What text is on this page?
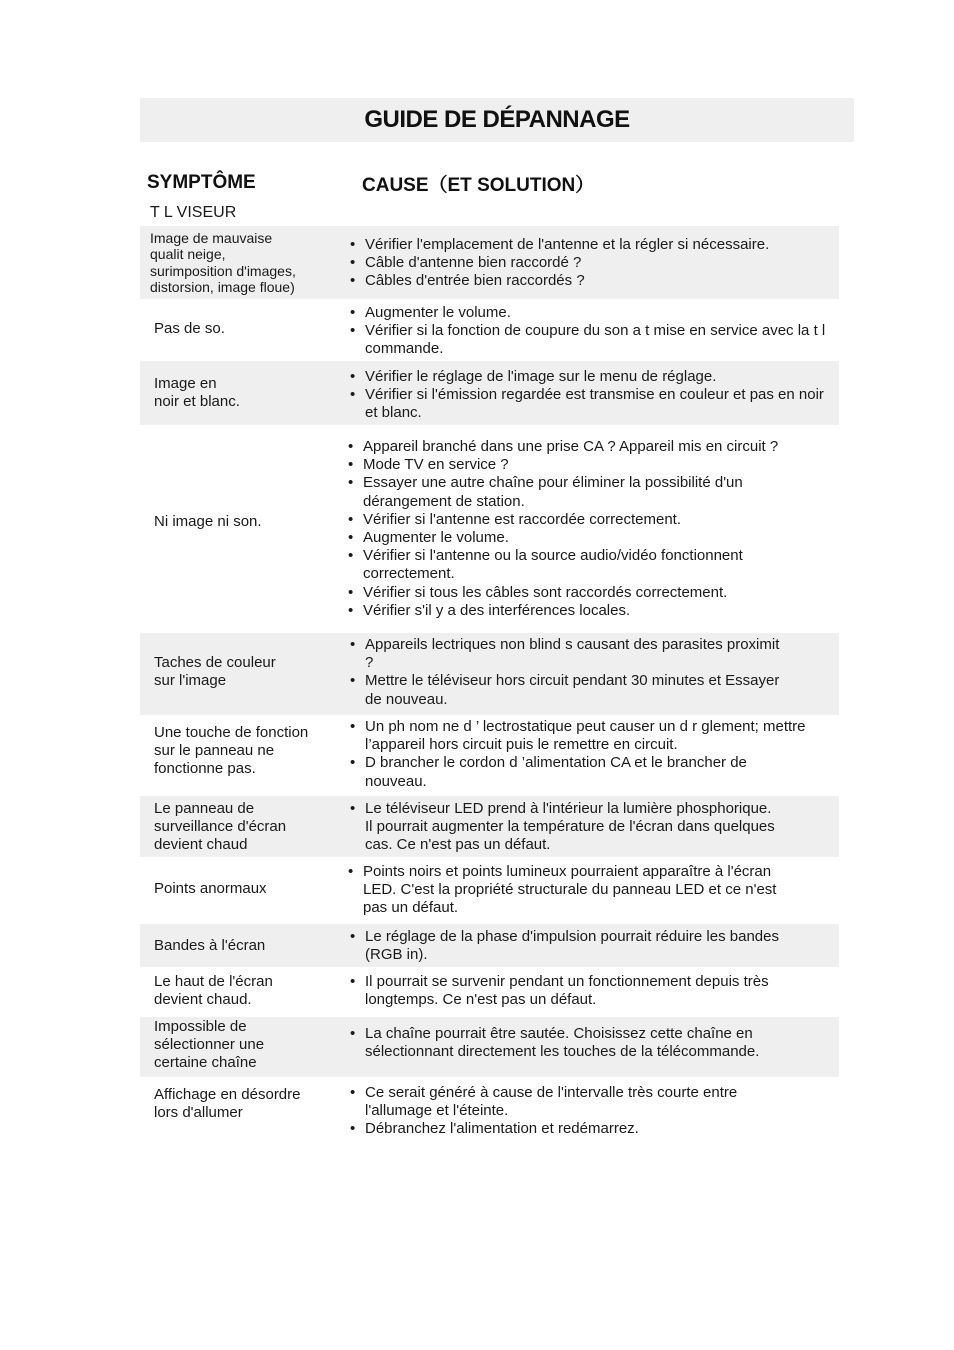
GUIDE DE DÉPANNAGE
SYMPTÔME	CAUSE（ET SOLUTION）
T L VISEUR
Image de mauvaise
qualit neige,
surimposition d'images,
distorsion, image floue)
• Vérifier l'emplacement de l'antenne et la régler si nécessaire.
• Câble d'antenne bien raccordé ?
• Câbles d'entrée bien raccordés ?
Pas de so.
• Augmenter le volume.
• Vérifier si la fonction de coupure du son a t mise en service avec la t l commande.
Image en
noir et blanc.
• Vérifier le réglage de l'image sur le menu de réglage.
• Vérifier si l'émission regardée est transmise en couleur et pas en noir et blanc.
Ni image ni son.
• Appareil branché dans une prise CA ? Appareil mis en circuit ?
• Mode TV en service ?
• Essayer une autre chaîne pour éliminer la possibilité d'un dérangement de station.
• Vérifier si l'antenne est raccordée correctement.
• Augmenter le volume.
• Vérifier si l'antenne ou la source audio/vidéo fonctionnent correctement.
• Vérifier si tous les câbles sont raccordés correctement.
• Vérifier s'il y a des interférences locales.
Taches de couleur
sur l'image
• Appareils lectriques non blind s causant des parasites proximit ?
• Mettre le téléviseur hors circuit pendant 30 minutes et Essayer de nouveau.
Une touche de fonction
sur le panneau ne
fonctionne pas.
• Un ph nom ne d ’ lectrostatique peut causer un d r glement; mettre l’appareil hors circuit puis le remettre en circuit.
• D brancher le cordon d ’alimentation CA et le brancher de nouveau.
Le panneau de
surveillance d'écran
devient chaud
• Le téléviseur LED prend à l'intérieur la lumière phosphorique. Il pourrait augmenter la température de l'écran dans quelques cas. Ce n'est pas un défaut.
Points anormaux
• Points noirs et points lumineux pourraient apparaître à l'écran LED. C'est la propriété structurale du panneau LED et ce n'est pas un défaut.
Bandes à l'écran
• Le réglage de la phase d'impulsion pourrait réduire les bandes (RGB in).
Le haut de l'écran
devient chaud.
• Il pourrait se survenir pendant un fonctionnement depuis très longtemps. Ce n'est pas un défaut.
Impossible de
sélectionner une
certaine chaîne
• La chaîne pourrait être sautée. Choisissez cette chaîne en sélectionnant directement les touches de la télécommande.
Affichage en désordre
lors d'allumer
• Ce serait généré à cause de l'intervalle très courte entre l'allumage et l'éteinte.
• Débranchez l'alimentation et redémarrez.
